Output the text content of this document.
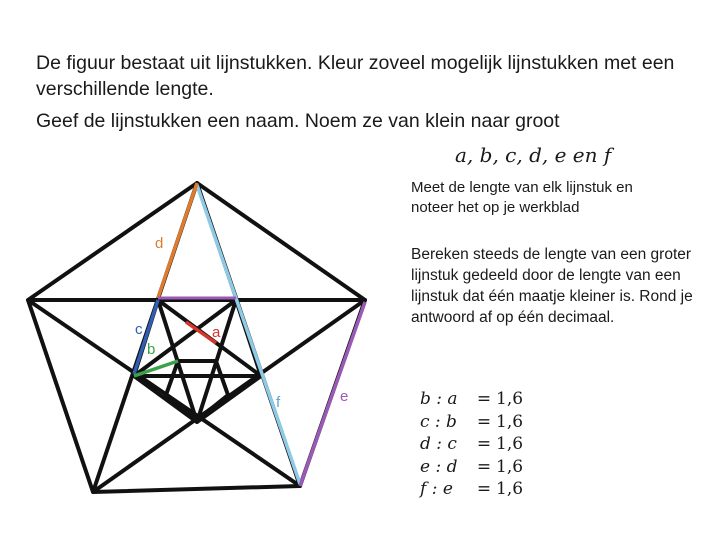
De figuur bestaat uit lijnstukken. Kleur zoveel mogelijk lijnstukken met een verschillende lengte.

Geef de lijnstukken een naam. Noem ze van klein naar groot

a, b, c, d, e en f
Meet de lengte van elk lijnstuk en noteer het op je werkblad
Bereken steeds de lengte van een groter lijnstuk gedeeld door de lengte van een lijnstuk dat één maatje kleiner is. Rond je antwoord af op één decimaal.
b : a	= 1,6
c : b	= 1,6
d : c	= 1,6
e : d	= 1,6
f : e	= 1,6
d
c
b
a
f	e
